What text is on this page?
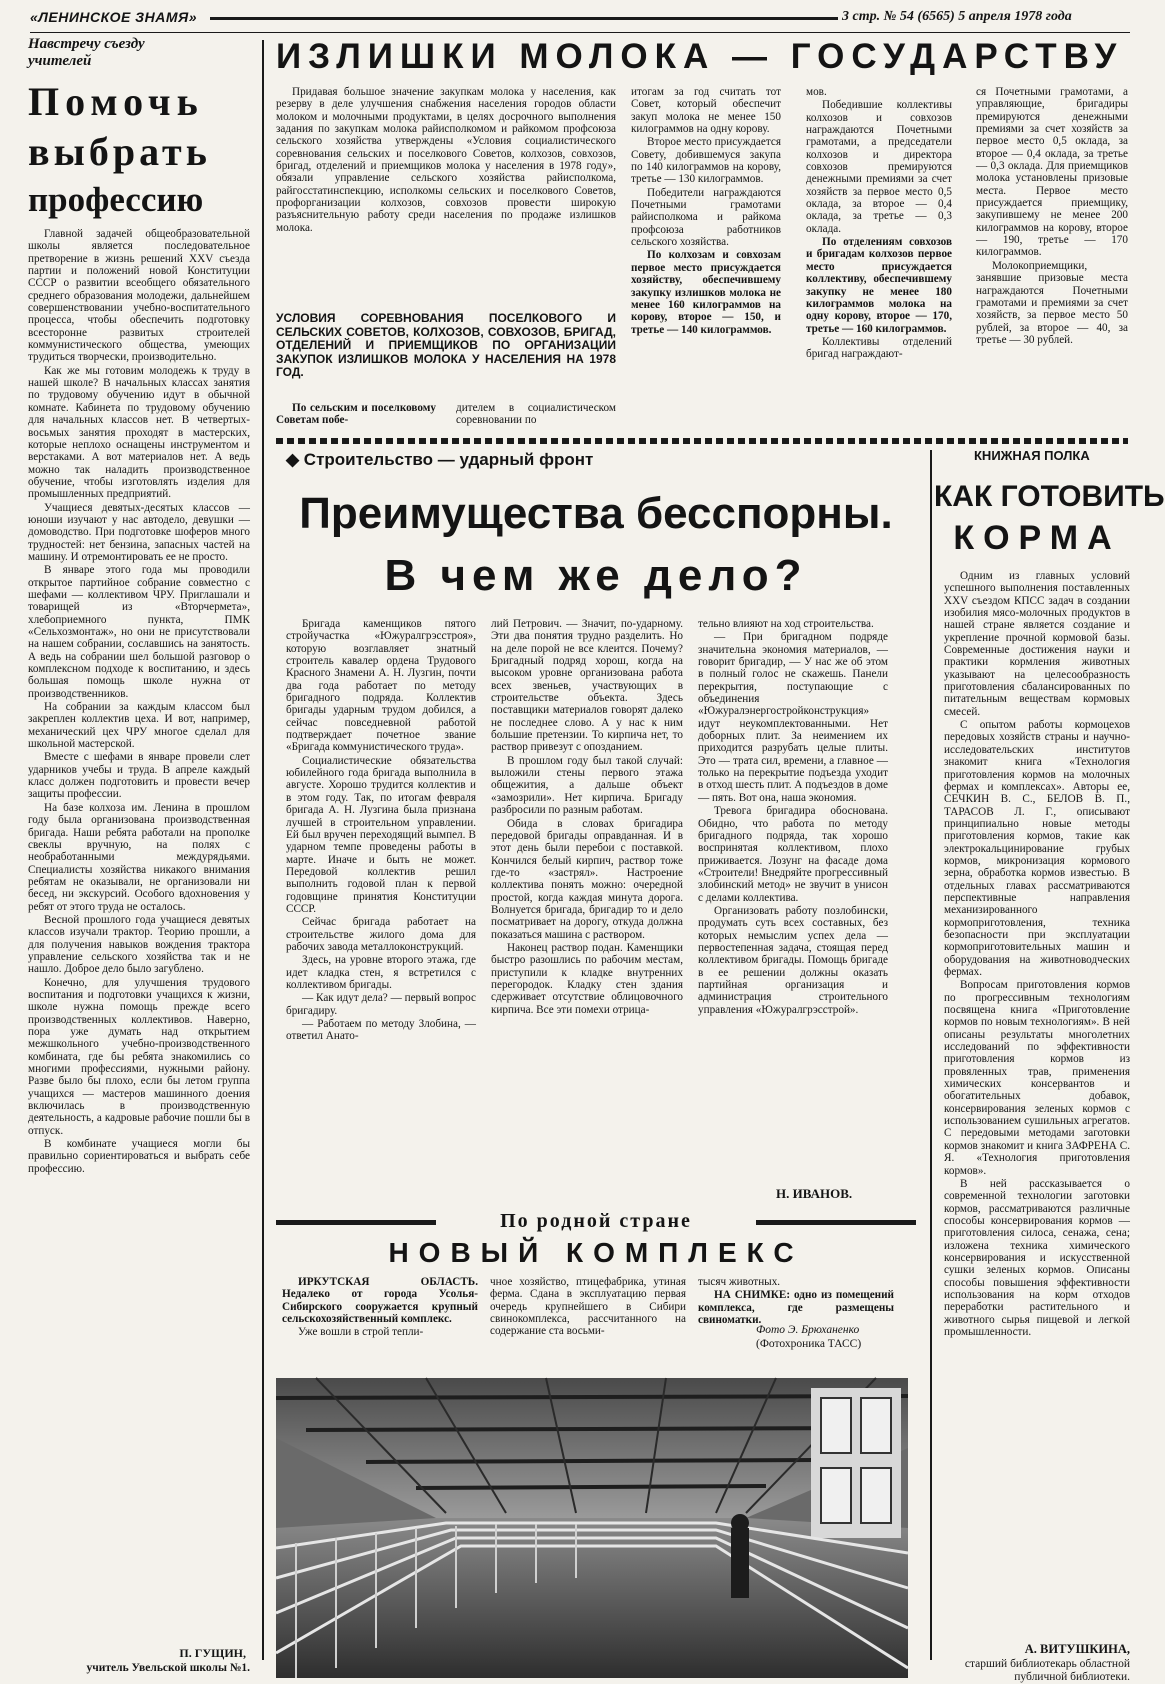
«ЛЕНИНСКОЕ ЗНАМЯ»	3 стр. № 54 (6565) 5 апреля 1978 года
Навстречу съезду учителей
Помочь
выбрать
профессию

Главной задачей общеобразовательной школы является последовательное претворение в жизнь решений XXV съезда партии и положений новой Конституции СССР о развитии всеобщего обязательного среднего образования молодежи, дальнейшем совершенствовании учебно-воспитательного процесса, чтобы обеспечить подготовку всесторонне развитых строителей коммунистического общества, умеющих трудиться творчески, производительно.

Как же мы готовим молодежь к труду в нашей школе? В начальных классах занятия по трудовому обучению идут в обычной комнате. Кабинета по трудовому обучению для начальных классов нет. В четвертых-восьмых занятия проходят в мастерских, которые неплохо оснащены инструментом и верстаками. А вот материалов нет. А ведь можно так наладить производственное обучение, чтобы изготовлять изделия для промышленных предприятий.

Учащиеся девятых-десятых классов — юноши изучают у нас автодело, девушки — домоводство. При подготовке шоферов много трудностей: нет бензина, запасных частей на машину. И отремонтировать ее не просто.

В январе этого года мы проводили открытое партийное собрание совместно с шефами — коллективом ЧРУ. Приглашали и товарищей из «Вторчермета», хлебоприемного пункта, ПМК «Сельхозмонтаж», но они не присутствовали на нашем собрании, сославшись на занятость. А ведь на собрании шел большой разговор о комплексном подходе к воспитанию, и здесь большая помощь школе нужна от производственников.

На собрании за каждым классом был закреплен коллектив цеха. И вот, например, механический цех ЧРУ многое сделал для школьной мастерской.

Вместе с шефами в январе провели слет ударников учебы и труда. В апреле каждый класс должен подготовить и провести вечер защиты профессии.

На базе колхоза им. Ленина в прошлом году была организована производственная бригада. Наши ребята работали на прополке свеклы вручную, на полях с необработанными междурядьями. Специалисты хозяйства никакого внимания ребятам не оказывали, не организовали ни бесед, ни экскурсий. Особого вдохновения у ребят от этого труда не осталось.

Весной прошлого года учащиеся девятых классов изучали трактор. Теорию прошли, а для получения навыков вождения трактора управление сельского хозяйства так и не нашло. Доброе дело было загублено.

Конечно, для улучшения трудового воспитания и подготовки учащихся к жизни, школе нужна помощь прежде всего производственных коллективов. Наверно, пора уже думать над открытием межшкольного учебно-производственного комбината, где бы ребята знакомились со многими профессиями, нужными району. Разве было бы плохо, если бы летом группа учащихся — мастеров машинного доения включилась в производственную деятельность, а кадровые рабочие пошли бы в отпуск.

В комбинате учащиеся могли бы правильно сориентироваться и выбрать себе профессию.

П. ГУЩИН,
учитель Увельской школы №1.
ИЗЛИШКИ МОЛОКА — ГОСУДАРСТВУ

Придавая большое значение закупкам молока у населения, как резерву в деле улучшения снабжения населения городов области молоком и молочными продуктами, в целях досрочного выполнения задания по закупкам молока райисполкомом и райкомом профсоюза сельского хозяйства утверждены «Условия социалистического соревнования сельских и поселкового Советов, колхозов, совхозов, бригад, отделений и приемщиков молока у населения в 1978 году», обязали управление сельского хозяйства райисполкома, райгосстатинспекцию, исполкомы сельских и поселкового Советов, профорганизации колхозов, совхозов провести широкую разъяснительную работу среди населения по продаже излишков молока.

УСЛОВИЯ СОРЕВНОВАНИЯ ПОСЕЛКОВОГО И СЕЛЬСКИХ СОВЕТОВ, КОЛХОЗОВ, СОВХОЗОВ, БРИГАД, ОТДЕЛЕНИЙ И ПРИЕМЩИКОВ ПО ОРГАНИЗАЦИИ ЗАКУПОК ИЗЛИШКОВ МОЛОКА У НАСЕЛЕНИЯ НА 1978 ГОД.

По сельским и поселковому Советам побе-

дителем в социалистическом соревновании по

итогам за год считать тот Совет, который обеспечит закуп молока не менее 150 килограммов на одну корову.

Второе место присуждается Совету, добившемуся закупа по 140 килограммов на корову, третье — 130 килограммов.

Победители награждаются Почетными грамотами райисполкома и райкома профсоюза работников сельского хозяйства.

По колхозам и совхозам первое место присуждается хозяйству, обеспечившему закупку излишков молока не менее 160 килограммов на корову, второе — 150, и третье — 140 килограммов.

мов.

Победившие коллективы колхозов и совхозов награждаются Почетными грамотами, а председатели колхозов и директора совхозов премируются денежными премиями за счет хозяйств за первое место 0,5 оклада, за второе — 0,4 оклада, за третье — 0,3 оклада.

По отделениям совхозов и бригадам колхозов первое место присуждается коллективу, обеспечившему закупку не менее 180 килограммов молока на одну корову, второе — 170, третье — 160 килограммов.

Коллективы отделений бригад награждают-

ся Почетными грамотами, а управляющие, бригадиры премируются денежными премиями за счет хозяйств за первое место 0,5 оклада, за второе — 0,4 оклада, за третье — 0,3 оклада. Для приемщиков молока установлены призовые места. Первое место присуждается приемщику, закупившему не менее 200 килограммов на корову, второе — 190, третье — 170 килограммов.

Молокоприемщики, занявшие призовые места награждаются Почетными грамотами и премиями за счет хозяйств, за первое место 50 рублей, за второе — 40, за третье — 30 рублей.

◆ Строительство — ударный фронт
Преимущества бесспорны.
В чем же дело?

Бригада каменщиков пятого стройучастка «Южуралгрэсстроя», которую возглавляет знатный строитель кавалер ордена Трудового Красного Знамени А. Н. Лузгин, почти два года работает по методу бригадного подряда. Коллектив бригады ударным трудом добился, а сейчас повседневной работой подтверждает почетное звание «Бригада коммунистического труда».

Социалистические обязательства юбилейного года бригада выполнила в августе. Хорошо трудится коллектив и в этом году. Так, по итогам февраля бригада А. Н. Лузгина была признана лучшей в строительном управлении. Ей был вручен переходящий вымпел. В ударном темпе проведены работы в марте. Иначе и быть не может. Передовой коллектив решил выполнить годовой план к первой годовщине принятия Конституции СССР.

Сейчас бригада работает на строительстве жилого дома для рабочих завода металлоконструкций.

Здесь, на уровне второго этажа, где идет кладка стен, я встретился с коллективом бригады.

— Как идут дела? — первый вопрос бригадиру.

— Работаем по методу Злобина, — ответил Анато-

лий Петрович. — Значит, по-ударному. Эти два понятия трудно разделить. Но на деле порой не все клеится. Почему? Бригадный подряд хорош, когда на высоком уровне организована работа всех звеньев, участвующих в строительстве объекта. Здесь поставщики материалов говорят далеко не последнее слово. А у нас к ним большие претензии. То кирпича нет, то раствор привезут с опозданием.

В прошлом году был такой случай: выложили стены первого этажа общежития, а дальше объект «замозрили». Нет кирпича. Бригаду разбросили по разным работам.

Обида в словах бригадира передовой бригады оправданная. И в этот день были перебои с поставкой. Кончился белый кирпич, раствор тоже где-то «застрял». Настроение коллектива понять можно: очередной простой, когда каждая минута дорога. Волнуется бригада, бригадир то и дело посматривает на дорогу, откуда должна показаться машина с раствором.

Наконец раствор подан. Каменщики быстро разошлись по рабочим местам, приступили к кладке внутренних перегородок. Кладку стен здания сдерживает отсутствие облицовочного кирпича. Все эти помехи отрица-

тельно влияют на ход строительства.

— При бригадном подряде значительна экономия материалов, — говорит бригадир, — У нас же об этом в полный голос не скажешь. Панели перекрытия, поступающие с объединения «Южуралэнергостройконструкция» идут неукомплектованными. Нет доборных плит. За неимением их приходится разрубать целые плиты. Это — трата сил, времени, а главное — только на перекрытие подъезда уходит в отход шесть плит. А подъездов в доме — пять. Вот она, наша экономия.

Тревога бригадира обоснована. Обидно, что работа по методу бригадного подряда, так хорошо воспринятая коллективом, плохо приживается. Лозунг на фасаде дома «Строители! Внедряйте прогрессивный злобинский метод» не звучит в унисон с делами коллектива.

Организовать работу позлобински, продумать суть всех составных, без которых немыслим успех дела — первостепенная задача, стоящая перед коллективом бригады. Помощь бригаде в ее решении должны оказать партийная организация и администрация строительного управления «Южуралгрэсстрой».

Н. ИВАНОВ.
По родной стране
НОВЫЙ КОМПЛЕКС

ИРКУТСКАЯ ОБЛАСТЬ. Недалеко от города Усолья-Сибирского сооружается крупный сельскохозяйственный комплекс.

Уже вошли в строй тепли-

чное хозяйство, птицефабрика, утиная ферма. Сдана в эксплуатацию первая очередь крупнейшего в Сибири свинокомплекса, рассчитанного на содержание ста восьми-

тысяч животных.

НА СНИМКЕ: одно из помещений комплекса, где размещены свиноматки.

Фото Э. Брюханенко
(Фотохроника ТАСС)
КНИЖНАЯ ПОЛКА
КАК ГОТОВИТЬ
КОРМА

Одним из главных условий успешного выполнения поставленных XXV съездом КПСС задач в создании изобилия мясо-молочных продуктов в нашей стране является создание и укрепление прочной кормовой базы. Современные достижения науки и практики кормления животных указывают на целесообразность приготовления сбалансированных по питательным веществам кормовых смесей.

С опытом работы кормоцехов передовых хозяйств страны и научно-исследовательских институтов знакомит книга «Технология приготовления кормов на молочных фермах и комплексах». Авторы ее, СЕЧКИН В. С., БЕЛОВ В. П., ТАРАСОВ Л. Г., описывают принципиально новые методы приготовления кормов, такие как электрокальцинирование грубых кормов, микронизация кормового зерна, обработка кормов известью. В отдельных главах рассматриваются перспективные направления механизированного кормоприготовления, техника безопасности при эксплуатации кормоприготовительных машин и оборудования на животноводческих фермах.

Вопросам приготовления кормов по прогрессивным технологиям посвящена книга «Приготовление кормов по новым технологиям». В ней описаны результаты многолетних исследований по эффективности приготовления кормов из провяленных трав, применения химических консервантов и обогатительных добавок, консервирования зеленых кормов с использованием сушильных агрегатов. С передовыми методами заготовки кормов знакомит и книга ЗАФРЕНА С. Я. «Технология приготовления кормов».

В ней рассказывается о современной технологии заготовки кормов, рассматриваются различные способы консервирования кормов — приготовления силоса, сенажа, сена; изложена техника химического консервирования и искусственной сушки зеленых кормов. Описаны способы повышения эффективности использования на корм отходов переработки растительного и животного сырья пищевой и легкой промышленности.

А. ВИТУШКИНА,
старший библиотекарь областной публичной библиотеки.
